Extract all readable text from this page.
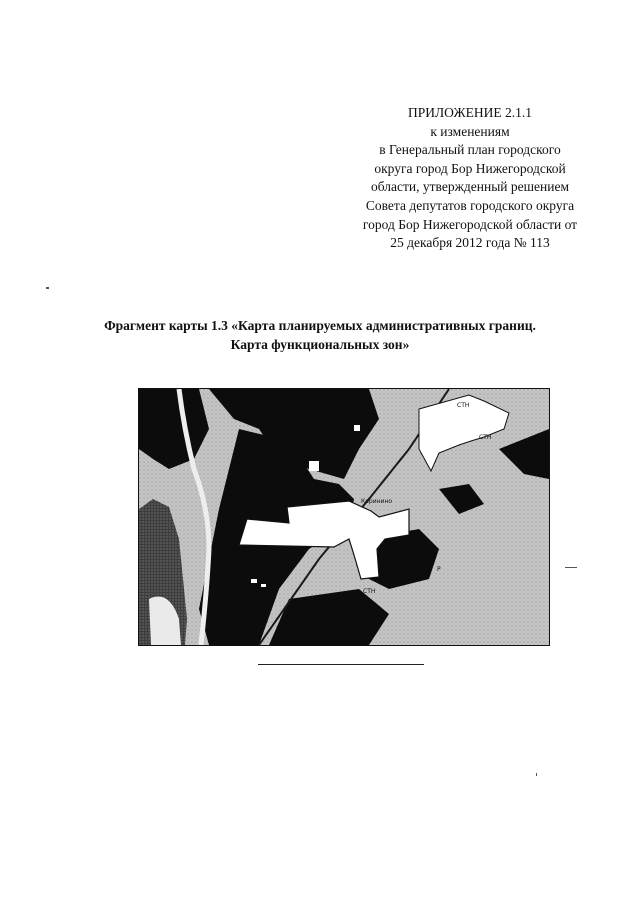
ПРИЛОЖЕНИЕ 2.1.1
к изменениям
в Генеральный план городского
округа город Бор Нижегородской
области, утвержденный решением
Совета депутатов городского округа
город Бор Нижегородской области от
25 декабря 2012 года № 113
Фрагмент карты 1.3 «Карта планируемых административных границ.
Карта функциональных зон»
СТН
СТН
Коринино
СТН
Р
